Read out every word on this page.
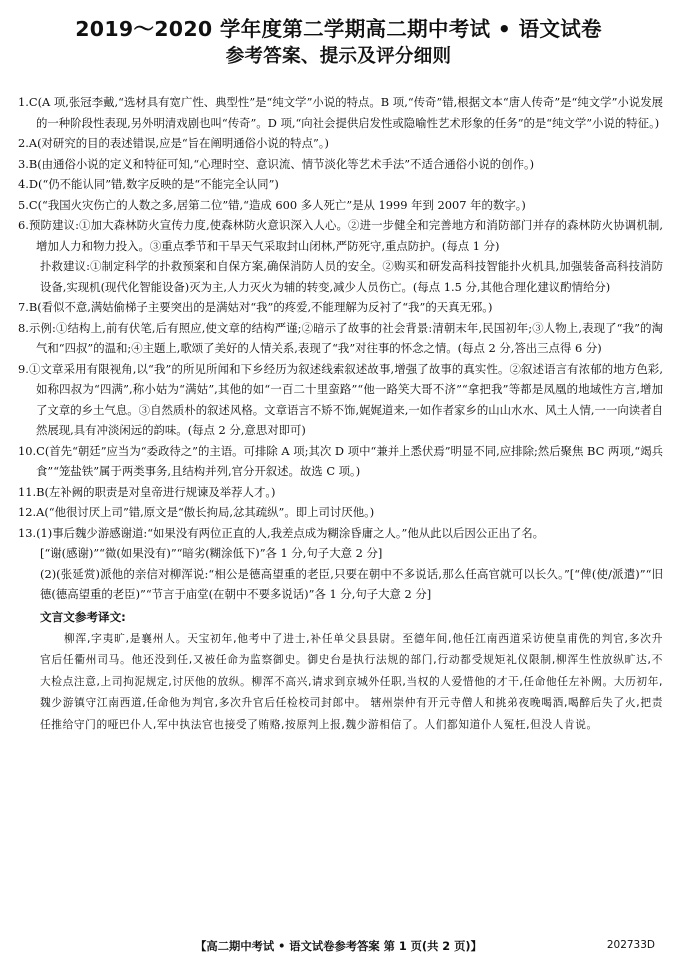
2019～2020 学年度第二学期高二期中考试 • 语文试卷
参考答案、提示及评分细则

1.C(A 项,张冠李戴,“选材具有宽广性、典型性”是“纯文学”小说的特点。B 项,“传奇”错,根据文本“唐人传奇”是“纯文学”小说发展的一种阶段性表现,另外明清戏剧也叫“传奇”。D 项,“向社会提供启发性或隐喻性艺术形象的任务”的是“纯文学”小说的特征。)

2.A(对研究的目的表述错误,应是“旨在阐明通俗小说的特点”。)

3.B(由通俗小说的定义和特征可知,“心理时空、意识流、情节淡化等艺术手法”不适合通俗小说的创作。)

4.D(“仍不能认同”错,数字反映的是“不能完全认同”)

5.C(“我国火灾伤亡的人数之多,居第二位”错,“造成 600 多人死亡”是从 1999 年到 2007 年的数字。)

6.预防建议:①加大森林防火宣传力度,使森林防火意识深入人心。②进一步健全和完善地方和消防部门并存的森林防火协调机制,增加人力和物力投入。③重点季节和干旱天气采取封山闭林,严防死守,重点防护。(每点 1 分)

扑救建议:①制定科学的扑救预案和自保方案,确保消防人员的安全。②购买和研发高科技智能扑火机具,加强装备高科技消防设备,实现机(现代化智能设备)灭为主,人力灭火为辅的转变,减少人员伤亡。(每点 1.5 分,其他合理化建议酌情给分)

7.B(看似不意,满姑偷梯子主要突出的是满姑对“我”的疼爱,不能理解为反衬了“我”的天真无邪。)

8.示例:①结构上,前有伏笔,后有照应,使文章的结构严谨;②暗示了故事的社会背景:清朝末年,民国初年;③人物上,表现了“我”的淘气和“四叔”的温和;④主题上,歌颂了美好的人情关系,表现了“我”对往事的怀念之情。(每点 2 分,答出三点得 6 分)

9.①文章采用有限视角,以“我”的所见所闻和下乡经历为叙述线索叙述故事,增强了故事的真实性。②叙述语言有浓郁的地方色彩,如称四叔为“四满”,称小姑为“满姑”,其他的如“一百二十里蛮路”“他一路笑大哥不济”“拿把我”等都是凤凰的地域性方言,增加了文章的乡土气息。③自然质朴的叙述风格。文章语言不矫不饰,娓娓道来,一如作者家乡的山山水水、风土人情,一一向读者自然展现,具有冲淡闲远的韵味。(每点 2 分,意思对即可)

10.C(首先“朝廷”应当为“委政待之”的主语。可排除 A 项;其次 D 项中“兼并上悉伏焉”明显不同,应排除;然后聚焦 BC 两项,“竭兵食”“笼盐铁”属于两类事务,且结构并列,官分开叙述。故选 C 项。)

11.B(左补阙的职责是对皇帝进行规谏及举荐人才。)

12.A(“他很讨厌上司”错,原文是“傲长拘局,忿其疏纵”。即上司讨厌他。)

13.(1)事后魏少游感谢道:“如果没有两位正直的人,我差点成为糊涂昏庸之人。”他从此以后因公正出了名。

[“谢(感谢)”“微(如果没有)”“暗劣(糊涂低下)”各 1 分,句子大意 2 分]

(2)(张延赏)派他的亲信对柳浑说:“相公是德高望重的老臣,只要在朝中不多说话,那么任高官就可以长久。”[“俾(使/派遣)”“旧德(德高望重的老臣)”“节言于庙堂(在朝中不要多说话)”各 1 分,句子大意 2 分]

文言文参考译文:

柳浑,字夷旷,是襄州人。天宝初年,他考中了进士,补任单父县县尉。至德年间,他任江南西道采访使皇甫侁的判官,多次升官后任衢州司马。他还没到任,又被任命为监察御史。御史台是执行法规的部门,行动都受规矩礼仪限制,柳浑生性放纵旷达,不大检点注意,上司拘泥规定,讨厌他的放纵。柳浑不高兴,请求到京城外任职,当权的人爱惜他的才干,任命他任左补阙。大历初年,魏少游镇守江南西道,任命他为判官,多次升官后任检校司封郎中。 辖州崇仲有开元寺僧人和挑弟夜晚喝酒,喝醉后失了火,把责任推给守门的哑巴仆人,军中执法官也接受了贿赂,按原判上报,魏少游相信了。人们都知道仆人冤枉,但没人肯说。

【高二期中考试 • 语文试卷参考答案 第 1 页(共 2 页)】	202733D
